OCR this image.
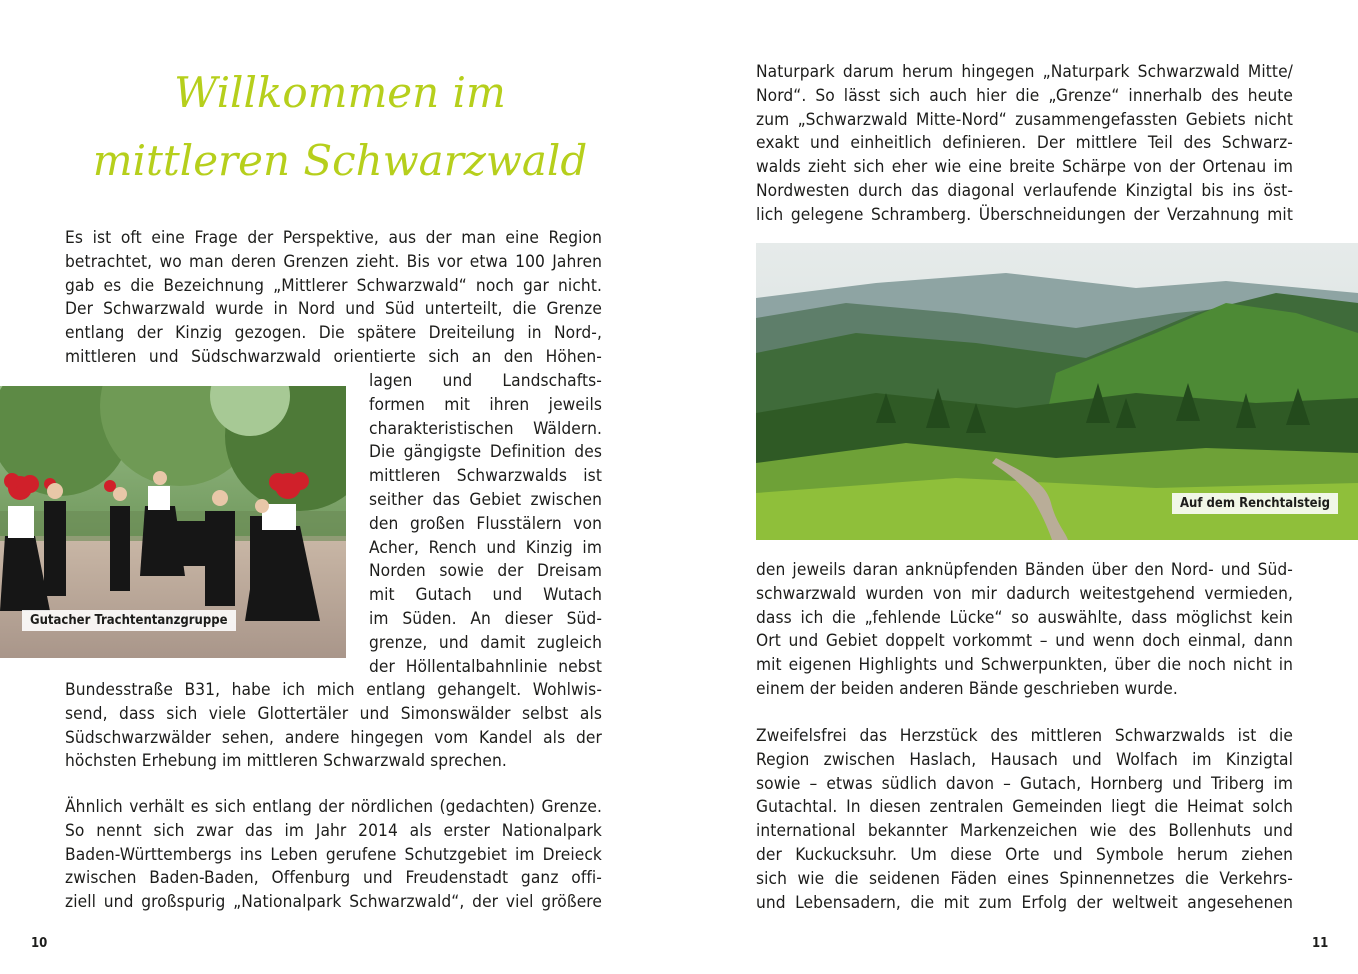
Willkommen im
mittleren Schwarzwald
Es ist oft eine Frage der Perspektive, aus der man eine Region
betrachtet, wo man deren Grenzen zieht. Bis vor etwa 100 Jahren
gab es die Bezeichnung „Mittlerer Schwarzwald“ noch gar nicht.
Der Schwarzwald wurde in Nord und Süd unterteilt, die Grenze
entlang der Kinzig gezogen. Die spätere Dreiteilung in Nord-,
mittleren und Südschwarzwald orientierte sich an den Höhen-
lagen und Landschafts-
formen mit ihren jeweils
charakteristischen Wäldern.
Die gängigste Definition des
mittleren Schwarzwalds ist
seither das Gebiet zwischen
den großen Flusstälern von
Acher, Rench und Kinzig im
Norden sowie der Dreisam
mit Gutach und Wutach
im Süden. An dieser Süd-
grenze, und damit zugleich
der Höllentalbahnlinie nebst
Bundesstraße B31, habe ich mich entlang gehangelt. Wohlwis-
send, dass sich viele Glottertäler und Simonswälder selbst als
Südschwarzwälder sehen, andere hingegen vom Kandel als der
höchsten Erhebung im mittleren Schwarzwald sprechen.
Ähnlich verhält es sich entlang der nördlichen (gedachten) Grenze.
So nennt sich zwar das im Jahr 2014 als erster Nationalpark
Baden-Württembergs ins Leben gerufene Schutzgebiet im Dreieck
zwischen Baden-Baden, Offenburg und Freudenstadt ganz offi-
ziell und großspurig „Nationalpark Schwarzwald“, der viel größere
Gutacher Trachtentanzgruppe
10
Naturpark darum herum hingegen „Naturpark Schwarzwald Mitte/
Nord“. So lässt sich auch hier die „Grenze“ innerhalb des heute
zum „Schwarzwald Mitte-Nord“ zusammengefassten Gebiets nicht
exakt und einheitlich definieren. Der mittlere Teil des Schwarz-
walds zieht sich eher wie eine breite Schärpe von der Ortenau im
Nordwesten durch das diagonal verlaufende Kinzigtal bis ins öst-
lich gelegene Schramberg. Überschneidungen der Verzahnung mit
Auf dem Renchtalsteig
den jeweils daran anknüpfenden Bänden über den Nord- und Süd-
schwarzwald wurden von mir dadurch weitestgehend vermieden,
dass ich die „fehlende Lücke“ so auswählte, dass möglichst kein
Ort und Gebiet doppelt vorkommt – und wenn doch einmal, dann
mit eigenen Highlights und Schwerpunkten, über die noch nicht in
einem der beiden anderen Bände geschrieben wurde.
Zweifelsfrei das Herzstück des mittleren Schwarzwalds ist die
Region zwischen Haslach, Hausach und Wolfach im Kinzigtal
sowie – etwas südlich davon – Gutach, Hornberg und Triberg im
Gutachtal. In diesen zentralen Gemeinden liegt die Heimat solch
international bekannter Markenzeichen wie des Bollenhuts und
der Kuckucksuhr. Um diese Orte und Symbole herum ziehen
sich wie die seidenen Fäden eines Spinnennetzes die Verkehrs-
und Lebensadern, die mit zum Erfolg der weltweit angesehenen
11
